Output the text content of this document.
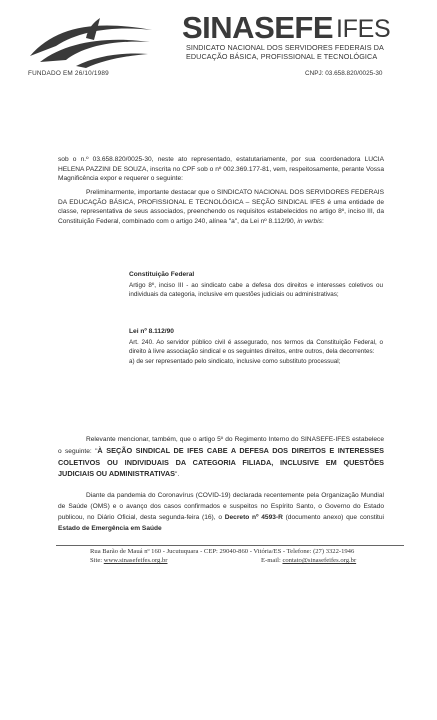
FUNDADO EM 26/10/1989
SINASEFE IFES
SINDICATO NACIONAL DOS SERVIDORES FEDERAIS DA
EDUCAÇÃO BÁSICA, PROFISSIONAL E TECNOLÓGICA
CNPJ: 03.658.820/0025-30
sob o n.º 03.658.820/0025-30, neste ato representado, estatutariamente, por sua coordenadora LUCIA HELENA PAZZINI DE SOUZA, inscrita no CPF sob o nº 002.369.177-81, vem, respeitosamente, perante Vossa Magnificência expor e requerer o seguinte:
Preliminarmente, importante destacar que o SINDICATO NACIONAL DOS SERVIDORES FEDERAIS DA EDUCAÇÃO BÁSICA, PROFISSIONAL E TECNOLÓGICA – SEÇÃO SINDICAL IFES é uma entidade de classe, representativa de seus associados, preenchendo os requisitos estabelecidos no artigo 8º, inciso III, da Constituição Federal, combinado com o artigo 240, alínea "a", da Lei nº 8.112/90, in verbis:
Constituição Federal
Artigo 8º, inciso III - ao sindicato cabe a defesa dos direitos e interesses coletivos ou individuais da categoria, inclusive em questões judiciais ou administrativas;
Lei nº 8.112/90
Art. 240. Ao servidor público civil é assegurado, nos termos da Constituição Federal, o direito à livre associação sindical e os seguintes direitos, entre outros, dela decorrentes:
a) de ser representado pelo sindicato, inclusive como substituto processual;
Relevante mencionar, também, que o artigo 5º do Regimento Interno do SINASEFE-IFES estabelece o seguinte: "À SEÇÃO SINDICAL DE IFES CABE A DEFESA DOS DIREITOS E INTERESSES COLETIVOS OU INDIVIDUAIS DA CATEGORIA FILIADA, INCLUSIVE EM QUESTÕES JUDICIAIS OU ADMINISTRATIVAS".
Diante da pandemia do Coronavírus (COVID-19) declarada recentemente pela Organização Mundial de Saúde (OMS) e o avanço dos casos confirmados e suspeitos no Espírito Santo, o Governo do Estado publicou, no Diário Oficial, desta segunda-feira (16), o Decreto nº 4593-R (documento anexo) que constitui Estado de Emergência em Saúde
Rua Barão de Mauá nº 160 - Jucutuquara - CEP: 29040-860 - Vitória/ES - Telefone: (27) 3322-1946
Site: www.sinasefeifes.org.br	E-mail: contato@sinasefeifes.org.br
